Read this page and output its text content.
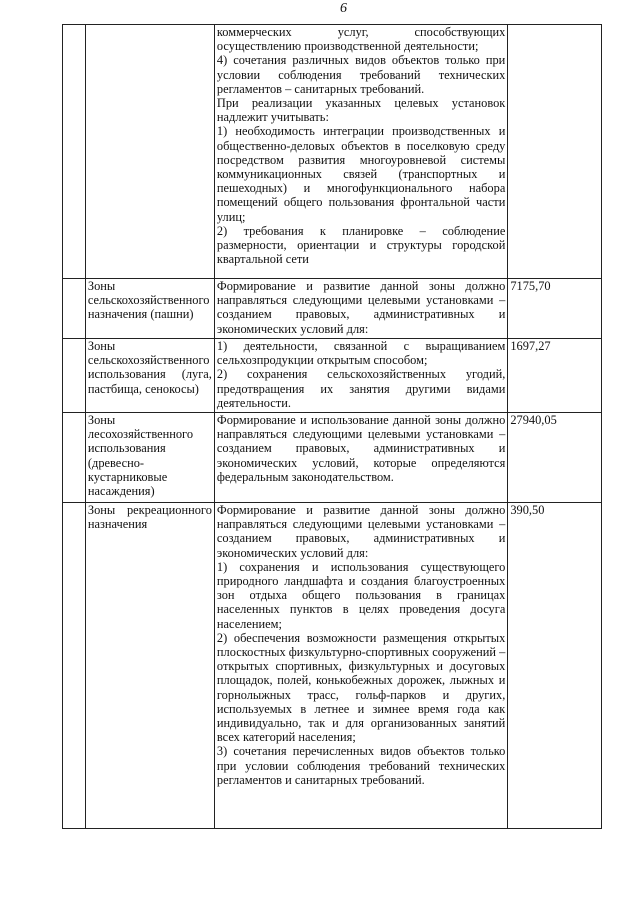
6

		коммерческих услуг, способствующих осуществлению производственной деятельности;

4) сочетания различных видов объектов только при условии соблюдения требований технических регламентов – санитарных требований.

При реализации указанных целевых установок надлежит учитывать:

1) необходимость интеграции производственных и общественно-деловых объектов в поселковую среду посредством развития многоуровневой системы коммуникационных связей (транспортных и пешеходных) и многофункционального набора помещений общего пользования фронтальной части улиц;

2) требования к планировке – соблюдение размерности, ориентации и структуры городской квартальной сети	

	Зоны сельскохозяйственного назначения (пашни)	Формирование и развитие данной зоны должно направляться следующими целевыми установками – созданием правовых, административных и экономических условий для:	7175,70

	Зоны сельскохозяйственного использования (луга, пастбища, сенокосы)	1) деятельности, связанной с выращиванием сельхозпродукции открытым способом;

2) сохранения сельскохозяйственных угодий, предотвращения их занятия другими видами деятельности.	1697,27

	Зоны лесохозяйственного использования (древесно-кустарниковые насаждения)	Формирование и использование данной зоны должно направляться следующими целевыми установками – созданием правовых, административных и экономических условий, которые определяются федеральным законодательством.	27940,05

	Зоны рекреационного назначения	Формирование и развитие данной зоны должно направляться следующими целевыми установками – созданием правовых, административных и экономических условий для:

1) сохранения и использования существующего природного ландшафта и создания благоустроенных зон отдыха общего пользования в границах населенных пунктов в целях проведения досуга населением;

2) обеспечения возможности размещения открытых плоскостных физкультурно-спортивных сооружений – открытых спортивных, физкультурных и досуговых площадок, полей, конькобежных дорожек, лыжных и горнолыжных трасс, гольф-парков и других, используемых в летнее и зимнее время года как индивидуально, так и для организованных занятий всех категорий населения;

3) сочетания перечисленных видов объектов только при условии соблюдения требований технических регламентов и санитарных требований.	390,50
